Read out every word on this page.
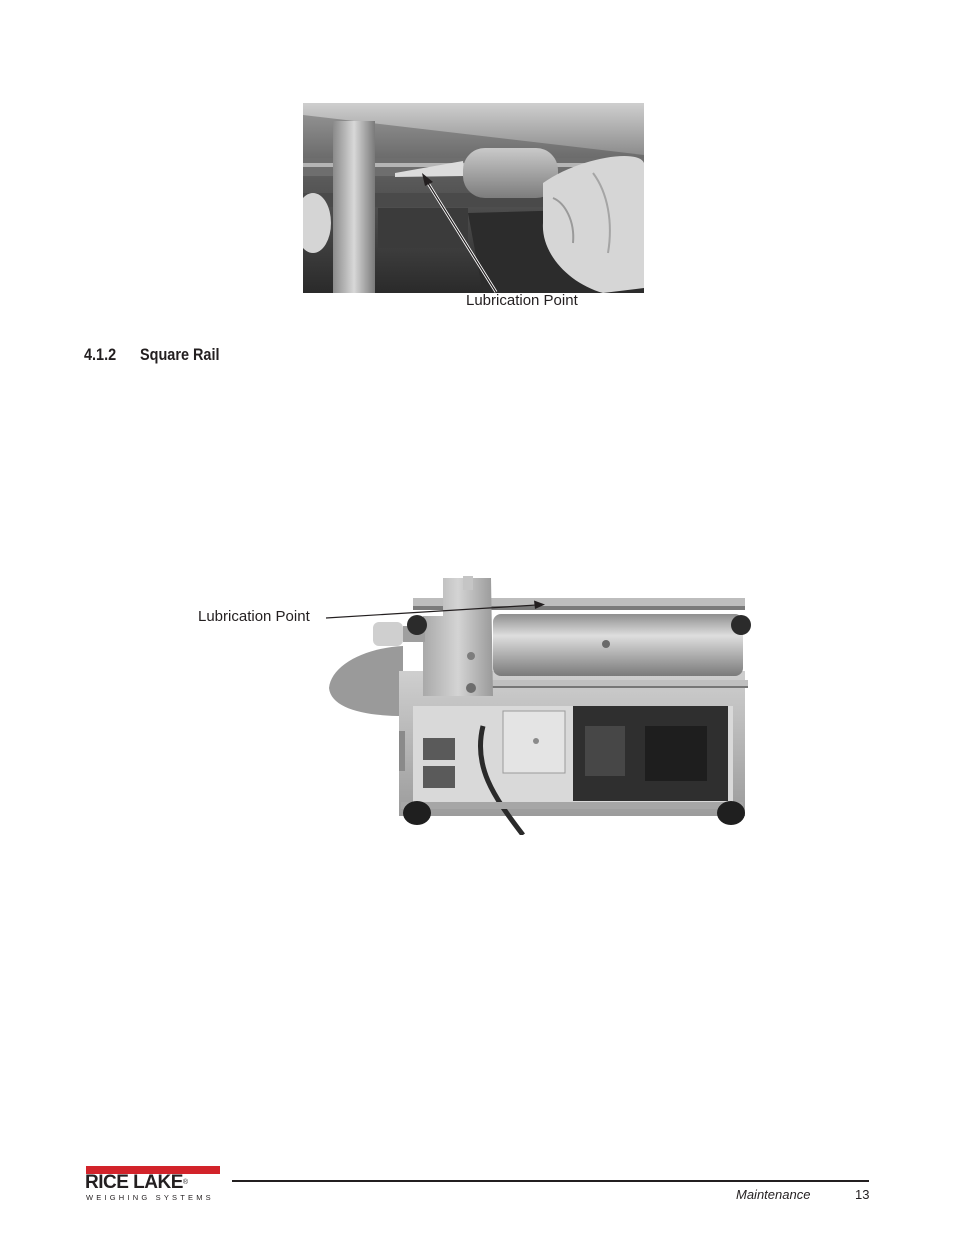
Lubrication Point
4.1.2 Square Rail
Lubrication Point
RICE LAKE®
WEIGHING SYSTEMS	Maintenance	13
